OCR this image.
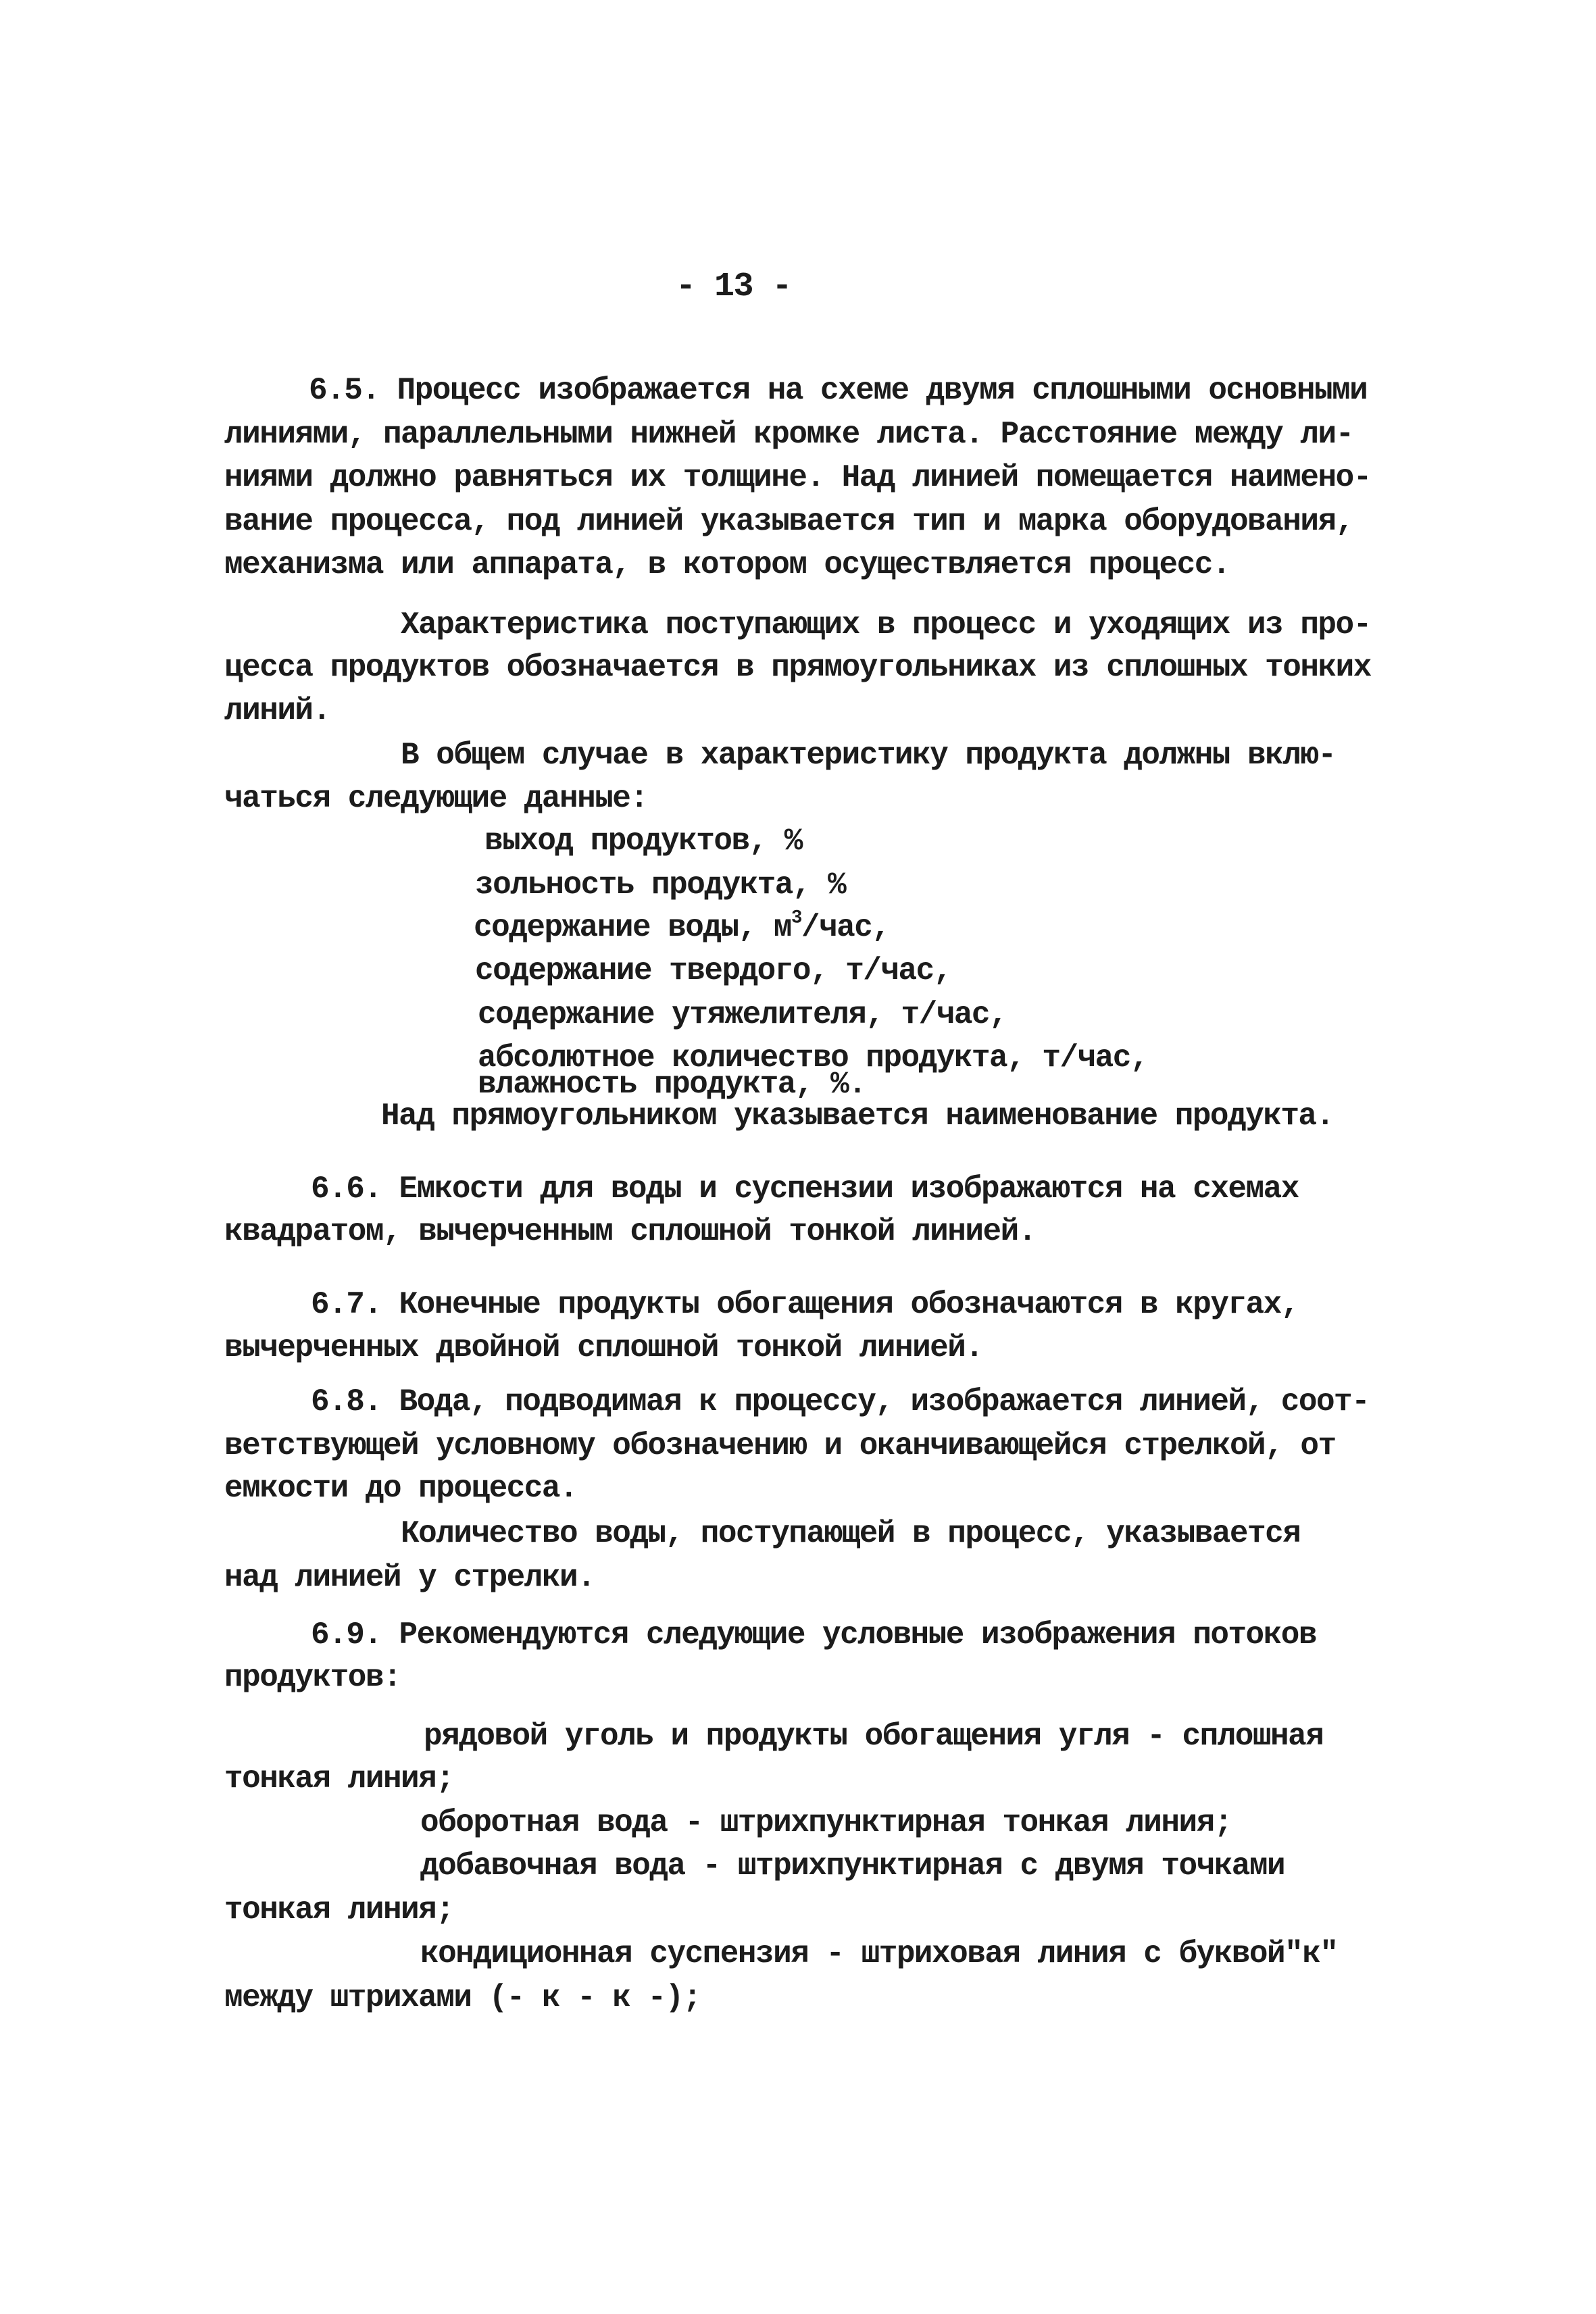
- 13 -

6.5. Процесс изображается на схеме двумя сплошными основными

линиями, параллельными нижней кромке листа. Расстояние между ли-

ниями должно равняться их толщине. Над линией помещается наимено-

вание процесса, под линией указывается тип и марка оборудования,

механизма или аппарата, в котором осуществляется процесс.

Характеристика поступающих в процесс и уходящих из про-

цесса продуктов обозначается в прямоугольниках из сплошных тонких

линий.

В общем случае в характеристику продукта должны вклю-

чаться следующие данные:

выход продуктов, %

зольность продукта, %

содержание воды, $м^3$/час,

содержание твердого, т/час,

содержание утяжелителя, т/час,

абсолютное количество продукта, т/час,

влажность продукта, %.

Над прямоугольником указывается наименование продукта.

6.6. Емкости для воды и суспензии изображаются на схемах

квадратом, вычерченным сплошной тонкой линией.

6.7. Конечные продукты обогащения обозначаются в кругах,

вычерченных двойной сплошной тонкой линией.

6.8. Вода, подводимая к процессу, изображается линией, соот-

ветствующей условному обозначению и оканчивающейся стрелкой, от

емкости до процесса.

Количество воды, поступающей в процесс, указывается

над линией у стрелки.

6.9. Рекомендуются следующие условные изображения потоков

продуктов:

рядовой уголь и продукты обогащения угля - сплошная

тонкая линия;

оборотная вода - штрихпунктирная тонкая линия;

добавочная вода - штрихпунктирная с двумя точками

тонкая линия;

кондиционная суспензия - штриховая линия с буквой"к"

между штрихами (- к - к -);
